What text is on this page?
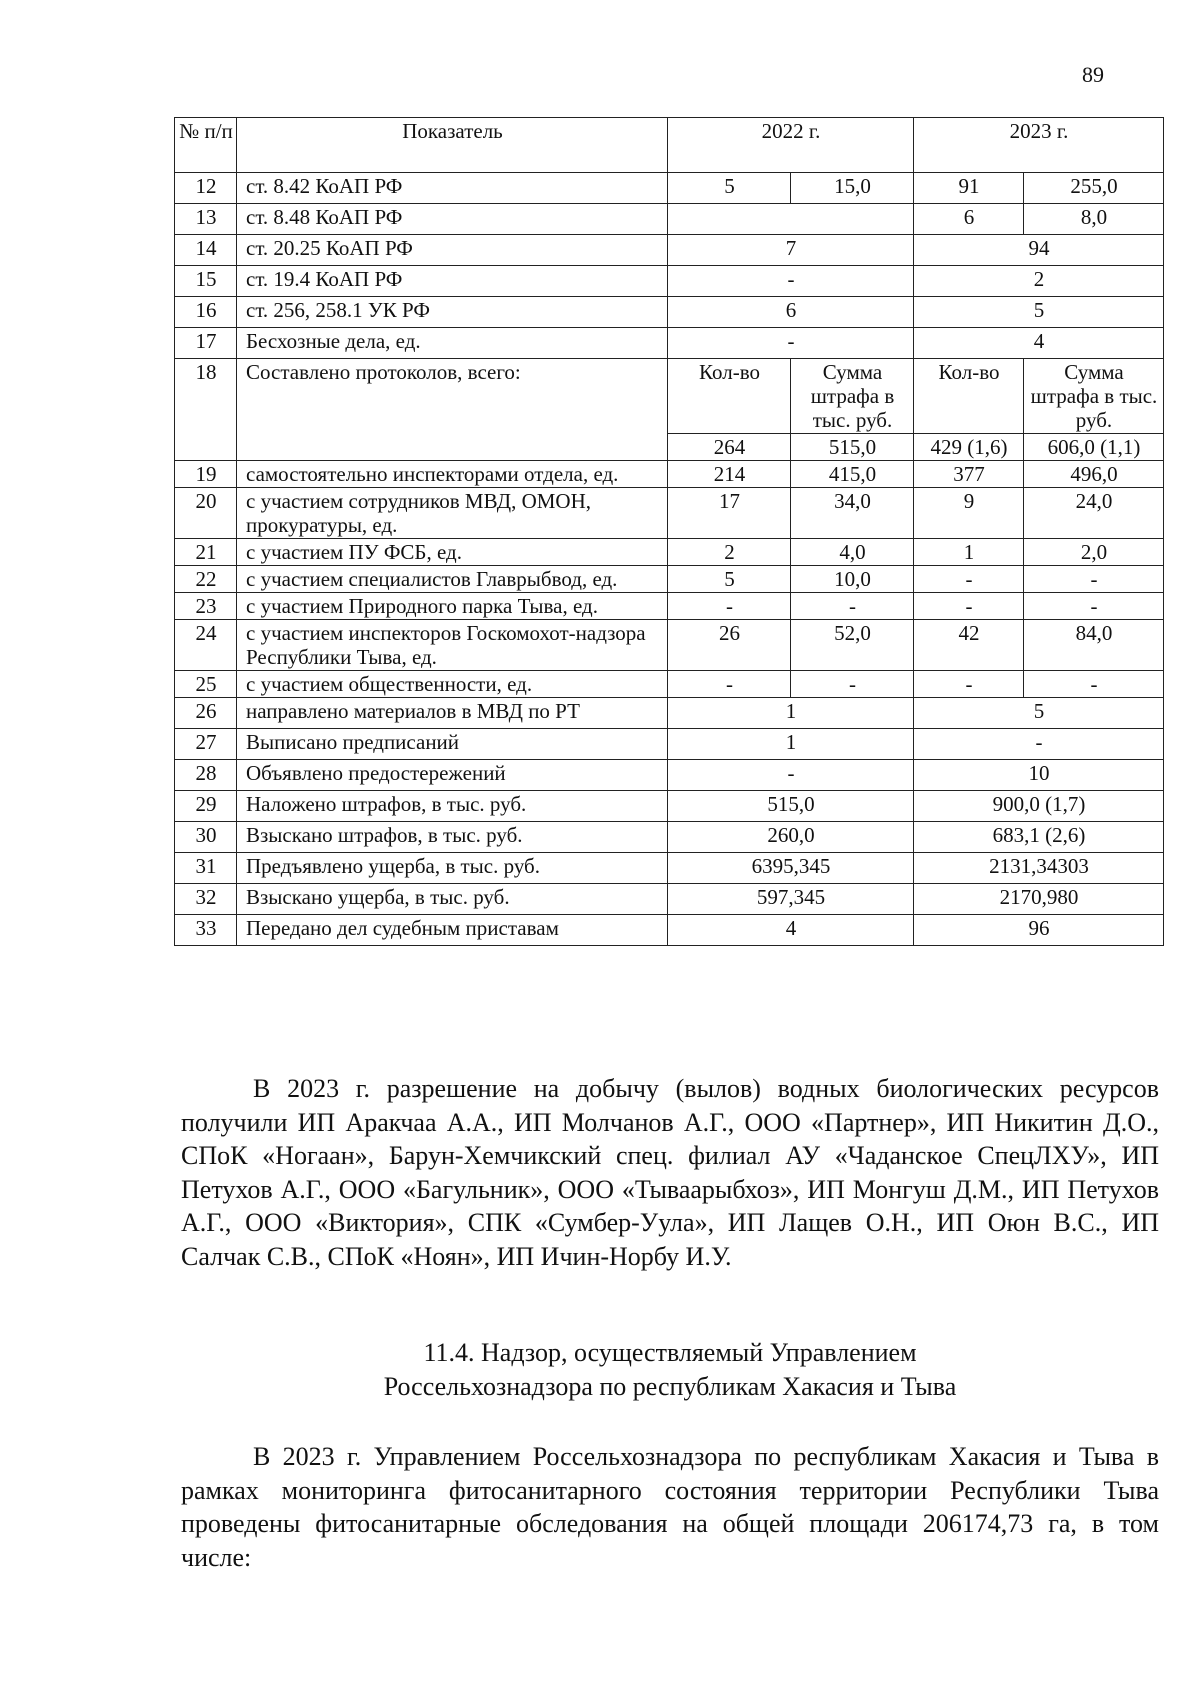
89
№ п/п	Показатель	2022 г.		2023 г.	
12	ст. 8.42 КоАП РФ	5	15,0	91	255,0
13	ст. 8.48 КоАП РФ			6	8,0
14	ст. 20.25 КоАП РФ	7		94	
15	ст. 19.4 КоАП РФ	-		2	
16	ст. 256, 258.1 УК РФ	6		5	
17	Бесхозные дела, ед.	-		4	
18	Составлено протоколов, всего:	Кол-во	Сумма штрафа в тыс. руб.	Кол-во	Сумма штрафа в тыс. руб.
		264	515,0	429 (1,6)	606,0 (1,1)
19	самостоятельно инспекторами отдела, ед.	214	415,0	377	496,0
20	с участием сотрудников МВД, ОМОН, прокуратуры, ед.	17	34,0	9	24,0
21	с участием ПУ ФСБ, ед.	2	4,0	1	2,0
22	с участием специалистов Главрыбвод, ед.	5	10,0	-	-
23	с участием Природного парка Тыва, ед.	-	-	-	-
24	с участием инспекторов Госкомохот-надзора Республики Тыва, ед.	26	52,0	42	84,0
25	с участием общественности, ед.	-	-	-	-
26	направлено материалов в МВД по РТ	1		5	
27	Выписано предписаний	1		-	
28	Объявлено предостережений	-		10	
29	Наложено штрафов, в тыс. руб.	515,0		900,0 (1,7)	
30	Взыскано штрафов, в тыс. руб.	260,0		683,1 (2,6)	
31	Предъявлено ущерба, в тыс. руб.	6395,345		2131,34303	
32	Взыскано ущерба, в тыс. руб.	597,345		2170,980	
33	Передано дел судебным приставам	4		96	

В 2023 г. разрешение на добычу (вылов) водных биологических ресурсов получили ИП Аракчаа А.А., ИП Молчанов А.Г., ООО «Партнер», ИП Никитин Д.О., СПоК «Ногаан», Барун-Хемчикский спец. филиал АУ «Чаданское СпецЛХУ», ИП Петухов А.Г., ООО «Багульник», ООО «Тываарыбхоз», ИП Монгуш Д.М., ИП Петухов А.Г., ООО «Виктория», СПК «Сумбер-Уула», ИП Лащев О.Н., ИП Оюн В.С., ИП Салчак С.В., СПоК «Ноян», ИП Ичин-Норбу И.У.

11.4. Надзор, осуществляемый Управлением
Россельхознадзора по республикам Хакасия и Тыва

В 2023 г. Управлением Россельхознадзора по республикам Хакасия и Тыва в рамках мониторинга фитосанитарного состояния территории Республики Тыва проведены фитосанитарные обследования на общей площади 206174,73 га, в том числе:
